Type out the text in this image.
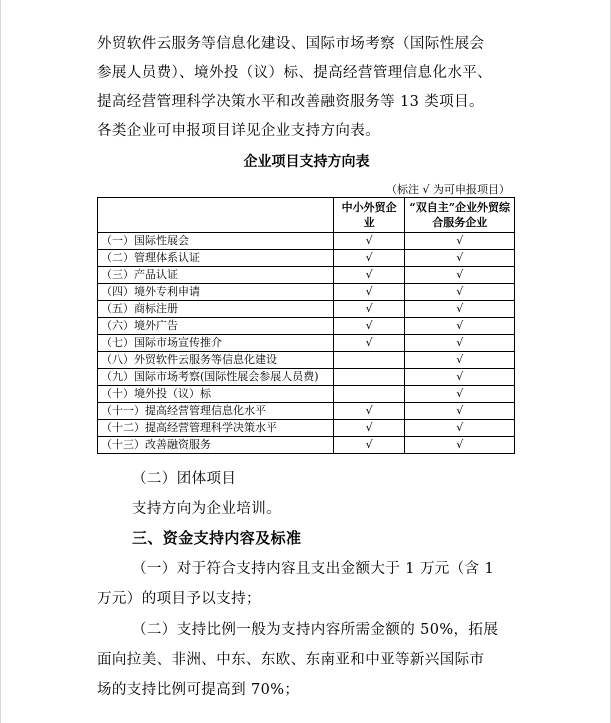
外贸软件云服务等信息化建设、国际市场考察（国际性展会
参展人员费）、境外投（议）标、提高经营管理信息化水平、
提高经营管理科学决策水平和改善融资服务等 13 类项目。
各类企业可申报项目详见企业支持方向表。
企业项目支持方向表
（标注 √ 为可申报项目）
	中小外贸企业	“双自主”企业外贸综合服务企业
（一）国际性展会	√	√
（二）管理体系认证	√	√
（三）产品认证	√	√
（四）境外专利申请	√	√
（五）商标注册	√	√
（六）境外广告	√	√
（七）国际市场宣传推介	√	√
（八）外贸软件云服务等信息化建设		√
（九）国际市场考察(国际性展会参展人员费)		√
（十）境外投（议）标		√
（十一）提高经营管理信息化水平	√	√
（十二）提高经营管理科学决策水平	√	√
（十三）改善融资服务	√	√
（二）团体项目
支持方向为企业培训。
三、资金支持内容及标准
（一）对于符合支持内容且支出金额大于 1 万元（含 1
万元）的项目予以支持；
（二）支持比例一般为支持内容所需金额的 50%，拓展
面向拉美、非洲、中东、东欧、东南亚和中亚等新兴国际市
场的支持比例可提高到 70%；
